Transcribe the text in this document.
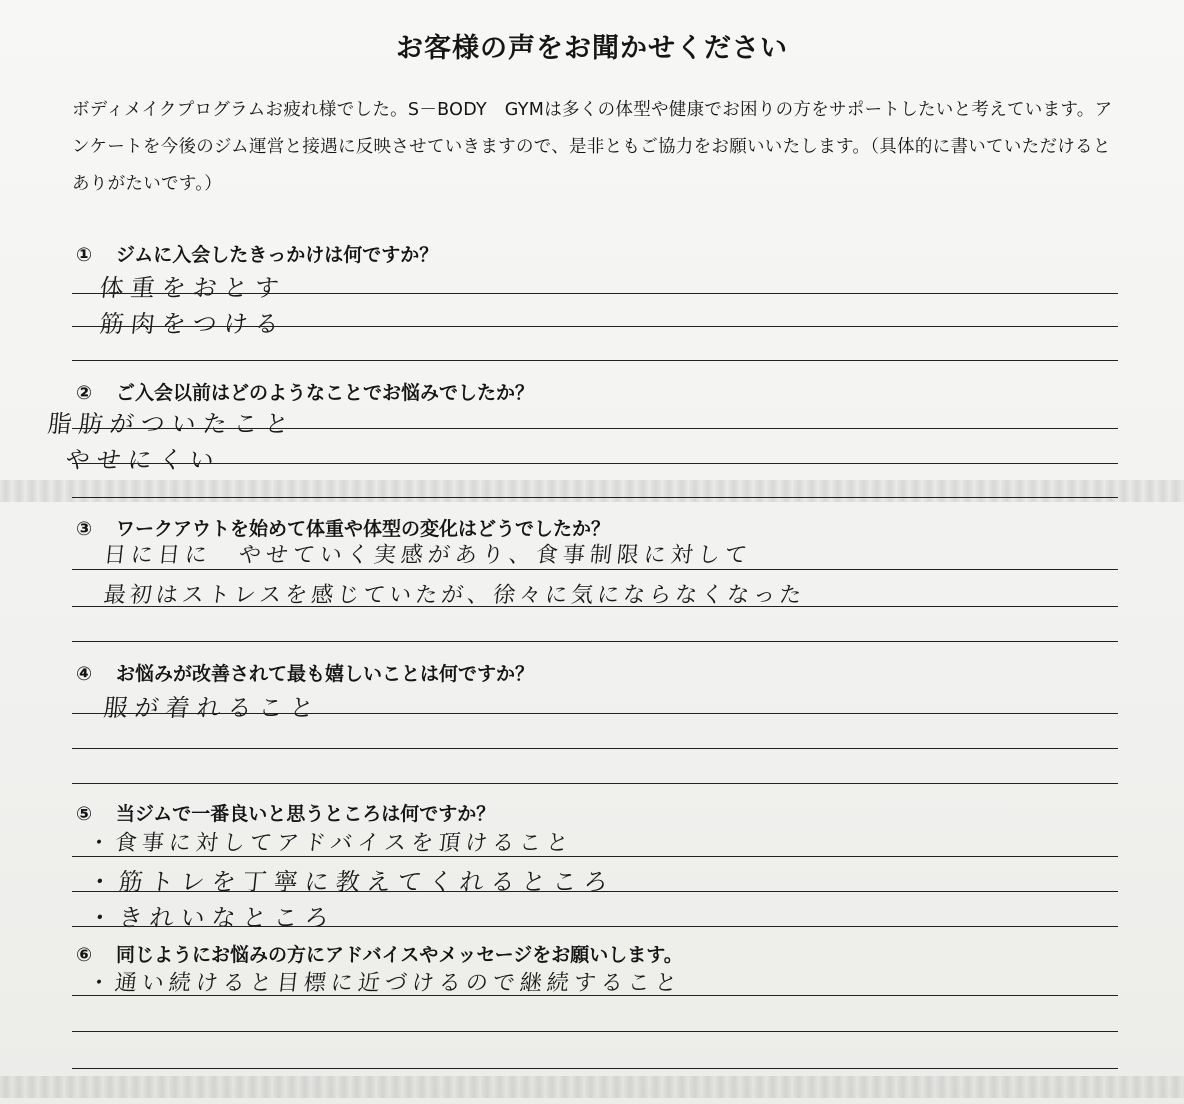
お客様の声をお聞かせください

ボディメイクプログラムお疲れ様でした。S－BODY　GYMは多くの体型や健康でお困りの方をサポートしたいと考えています。アンケートを今後のジム運営と接遇に反映させていきますので、是非ともご協力をお願いいたします。（具体的に書いていただけるとありがたいです。）

① ジムに入会したきっかけは何ですか？
体重をおとす
筋肉をつける
② ご入会以前はどのようなことでお悩みでしたか？
脂肪がついたこと
やせにくい
③ ワークアウトを始めて体重や体型の変化はどうでしたか？
日に日に　やせていく実感があり、食事制限に対して
最初はストレスを感じていたが、徐々に気にならなくなった
④ お悩みが改善されて最も嬉しいことは何ですか？
服が着れること
⑤ 当ジムで一番良いと思うところは何ですか？
・食事に対してアドバイスを頂けること
・筋トレを丁寧に教えてくれるところ
・きれいなところ
⑥ 同じようにお悩みの方にアドバイスやメッセージをお願いします。
・通い続けると目標に近づけるので継続すること
